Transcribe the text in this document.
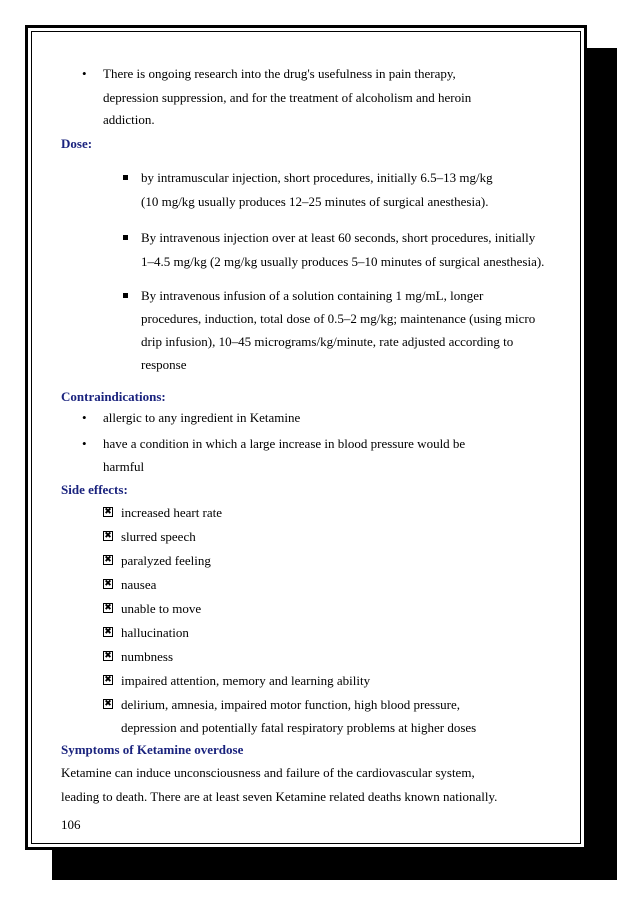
• There is ongoing research into the drug's usefulness in pain therapy,
depression suppression, and for the treatment of alcoholism and heroin
addiction.
Dose:
by intramuscular injection, short procedures, initially 6.5–13 mg/kg
(10 mg/kg usually produces 12–25 minutes of surgical anesthesia).
By intravenous injection over at least 60 seconds, short procedures, initially
1–4.5 mg/kg (2 mg/kg usually produces 5–10 minutes of surgical anesthesia).
By intravenous infusion of a solution containing 1 mg/mL, longer
procedures, induction, total dose of 0.5–2 mg/kg; maintenance (using micro
drip infusion), 10–45 micrograms/kg/minute, rate adjusted according to
response
Contraindications:
• allergic to any ingredient in Ketamine
• have a condition in which a large increase in blood pressure would be
harmful
Side effects:
✖ increased heart rate
✖ slurred speech
✖ paralyzed feeling
✖ nausea
✖ unable to move
✖ hallucination
✖ numbness
✖ impaired attention, memory and learning ability
✖ delirium, amnesia, impaired motor function, high blood pressure,
depression and potentially fatal respiratory problems at higher doses
Symptoms of Ketamine overdose
Ketamine can induce unconsciousness and failure of the cardiovascular system,
leading to death. There are at least seven Ketamine related deaths known nationally.
106
